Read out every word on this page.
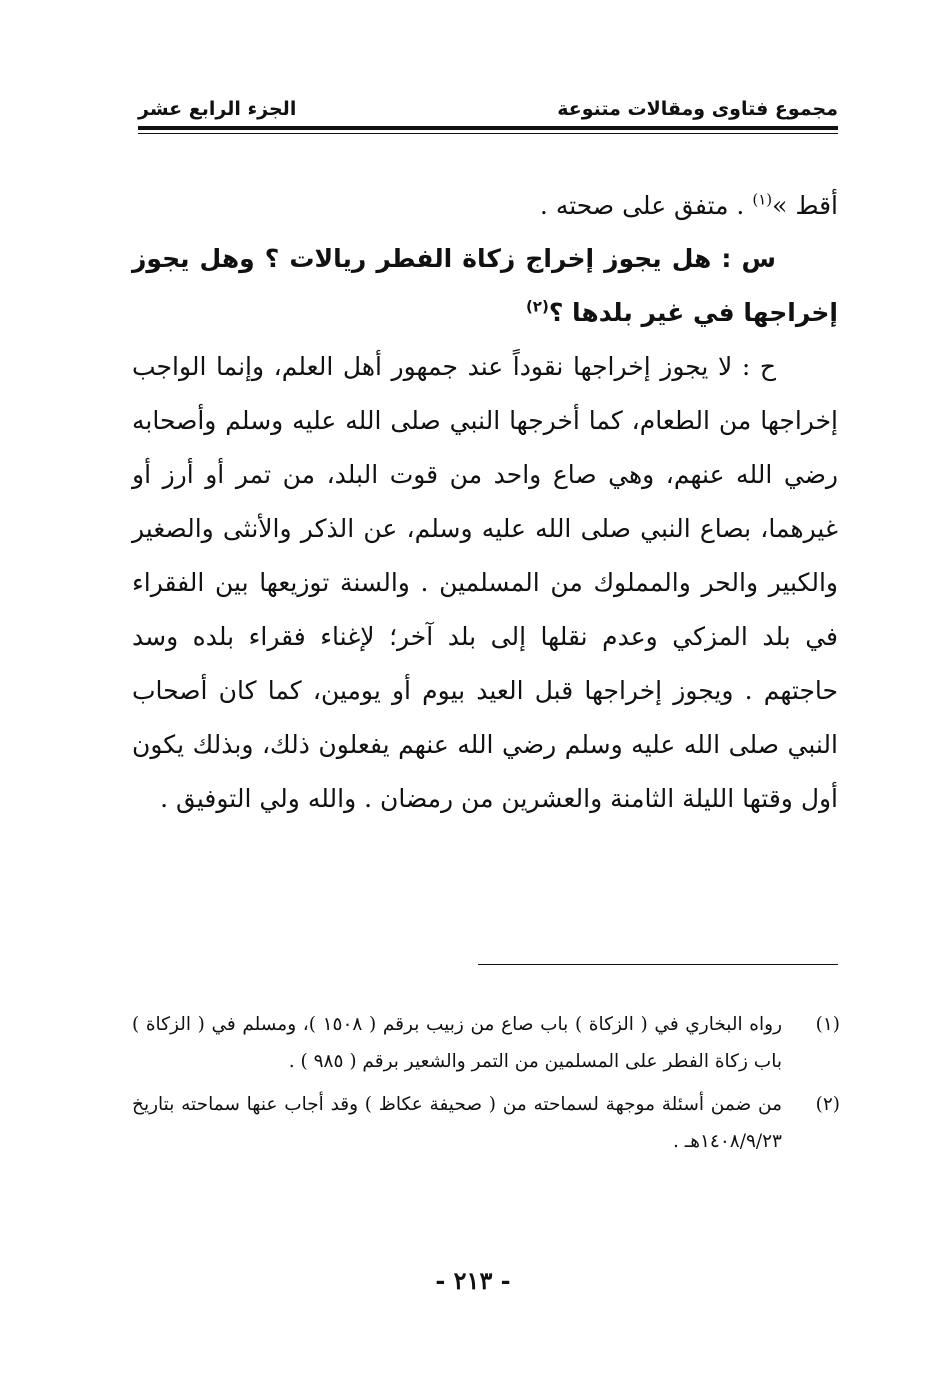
مجموع فتاوى ومقالات متنوعة
الجزء الرابع عشر

أقط »$^{(١)}$ . متفق على صحته .

س : هل يجوز إخراج زكاة الفطر ريالات ؟ وهل يجوز إخراجها في غير بلدها ؟$^{(٢)}$

ح : لا يجوز إخراجها نقوداً عند جمهور أهل العلم، وإنما الواجب إخراجها من الطعام، كما أخرجها النبي صلى الله عليه وسلم وأصحابه رضي الله عنهم، وهي صاع واحد من قوت البلد، من تمر أو أرز أو غيرهما، بصاع النبي صلى الله عليه وسلم، عن الذكر والأنثى والصغير والكبير والحر والمملوك من المسلمين . والسنة توزيعها بين الفقراء في بلد المزكي وعدم نقلها إلى بلد آخر؛ لإغناء فقراء بلده وسد حاجتهم . ويجوز إخراجها قبل العيد بيوم أو يومين، كما كان أصحاب النبي صلى الله عليه وسلم رضي الله عنهم يفعلون ذلك، وبذلك يكون أول وقتها الليلة الثامنة والعشرين من رمضان . والله ولي التوفيق .

(١)
رواه البخاري في ( الزكاة ) باب صاع من زبيب برقم ( ١٥٠٨ )، ومسلم في ( الزكاة ) باب زكاة الفطر على المسلمين من التمر والشعير برقم ( ٩٨٥ ) .
(٢)
من ضمن أسئلة موجهة لسماحته من ( صحيفة عكاظ ) وقد أجاب عنها سماحته بتاريخ ١٤٠٨/٩/٢٣هـ .
- ٢١٣ -
